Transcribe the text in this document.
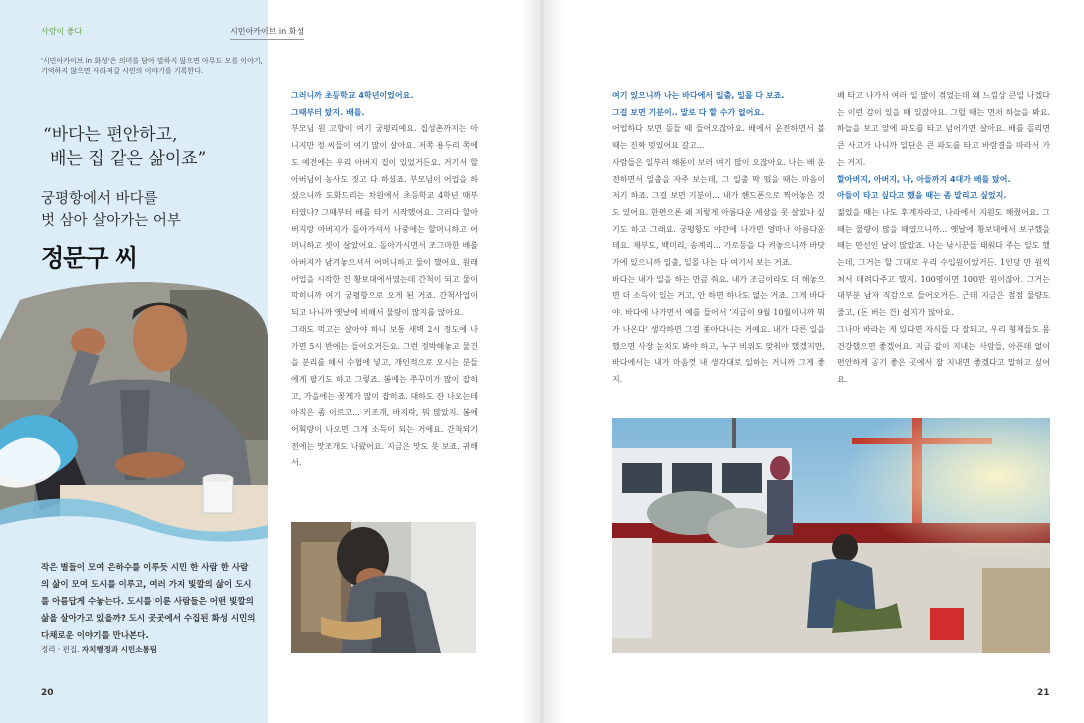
사람이 좋다	시민아카이브 in 화성
'시민아카이브 in 화성'은 의미를 담아 말하지 않으면 아무도 모를 이야기, 기억하지 않으면 사라져갈 시민의 이야기를 기록한다.
“바다는 편안하고,
배는 집 같은 삶이죠”
궁평항에서 바다를
벗 삼아 살아가는 어부
정문구 씨
작은 별들이 모여 은하수를 이루듯 시민 한 사람 한 사람의 삶이 모여 도시를 이루고, 여러 가지 빛깔의 삶이 도시를 아름답게 수놓는다. 도시를 이룬 사람들은 어떤 빛깔의 삶을 살아가고 있을까? 도시 곳곳에서 수집된 화성 시민의 다채로운 이야기를 만나본다.
정리 · 편집. 자치행정과 시민소통팀
20
그러니까 초등학교 4학년이었어요.
그때부터 탔지. 배를.

부모님 원 고향이 여기 궁평리예요. 집성촌까지는 아니지만 정 씨들이 여기 많이 살아요. 저쪽 용두리 쪽에도 예전에는 우리 아버지 집이 있었거든요. 거기서 할아버님이 농사도 짓고 다 하셨죠. 부모님이 어업을 하셨으니까 도화드리는 차원에서 초등학교 4학년 때부터였나? 그때부터 배를 타기 시작했어요. 그러다 할아버지랑 아버지가 돌아가셔서 나중에는 할머니하고 어머니하고 셋이 살았어요. 돌아가시면서 조그마한 배를 아버지가 남겨놓으셔서 어머니하고 둘이 했어요. 원래 어업을 시작한 건 황보대에서였는데 간척이 되고 물이 막히니까 여기 궁평항으로 오게 된 거죠. 간척사업이 되고 나니까 옛날에 비해서 물량이 많지를 않아요.

그래도 먹고는 살아야 하니 보통 새벽 2시 정도에 나가면 5시 반에는 들어오거든요. 그런 정박해놓고 물건을 분리를 해서 수협에 넣고, 개인적으로 오시는 분들에게 팔기도 하고 그렇죠. 봄에는 쭈꾸미가 많이 잡히고, 가을에는 꽃게가 많이 잡히죠. 대하도 잔 나오는데 아직은 좀 이르고... 키조개, 바지락, 뭐 많았지. 봄에 어획량이 나오면 그게 소득이 되는 거에요. 간척되기 전에는 맛조개도 나왔어요. 지금은 맛도 못 보죠. 귀해서.

여기 있으니까 나는 바다에서 일출, 일몰 다 보죠.
그걸 보면 기분이.. 말로 다 할 수가 없어요.

어업하다 보면 돌들 때 들어오잖아요. 배에서 운전하면서 볼 때는 진짜 멋있어요 갈고...

사람들은 일부러 해돋이 보러 여기 많이 오잖아요. 나는 배 운전하면서 일출을 자주 보는데, 그 일출 딱 떴을 때는 마음이 저기 하죠. 그걸 보면 기분이... 내가 핸드폰으로 찍어놓은 것도 있어요. 한편으론 왜 저렇게 아름다운 세상을 못 살았나 싶기도 하고 그래요. 궁평항도 야간에 나가면 얼마나 아름다운데요. 제부도, 백미리, 송계리... 가로등을 다 켜놓으니까 바닷가에 있으니까 일출, 일몰 나는 다 여기서 보는 거죠.

바다는 내가 일을 하는 만큼 줘요. 내가 조금이라도 더 해놓으면 더 소득이 있는 거고, 안 하면 하나도 없는 거죠. 그게 바다야. 바다에 나가면서 예를 들어서 '지금이 9월 10월이니까 뭐가 나온다' 생각하면 그걸 좇아다니는 거예요. 내가 다른 일을 했으면 사장 눈치도 봐야 하고, 누구 비위도 맞춰야 했겠지만, 바다에서는 내가 마음껏 내 생각대로 일하는 거니까 그게 좋지.

배 타고 나가서 여러 일 많이 겪었는데 왜 느낌상 큰일 나겠다는 이런 감이 있을 때 있잖아요. 그럴 때는 먼저 하늘을 봐요. 하늘을 보고 앞에 파도를 타고 넘어가면 살아요. 배를 돌리면 큰 사고가 나니까 일단은 큰 파도를 타고 바람결을 따라서 가는 거지.

할아버지, 아버지, 나, 아들까지 4대가 배를 탔어.
아들이 타고 싶다고 했을 때는 좀 말리고 싶었지.

젊었을 때는 나도 후계자라고, 나라에서 지원도 해줬어요. 그때는 물량이 많을 때였으니까... 옛날에 황보대에서 보구했을 때는 만선인 날이 많았죠. 나는 낚시꾼들 태워다 주는 일도 했는데, 그거는 할 그대로 우리 수입원이었거든. 1인당 만 원씩 쳐서 데려다주고 했지. 100명이면 100만 원이잖아. 그거는 대부분 남자 직감으로 들어오거든. 근데 지금은 점점 물량도 줄고, (돈 버는 건) 쉽지가 않아요.

그나마 바라는 게 있다면 자식들 다 잘되고, 우리 형제들도 몸 건강했으면 좋겠어요. 지금 같이 지내는 사람들, 아픈데 없이 편안하게 공기 좋은 곳에서 잘 지내면 좋겠다고 말하고 싶어요.

21
